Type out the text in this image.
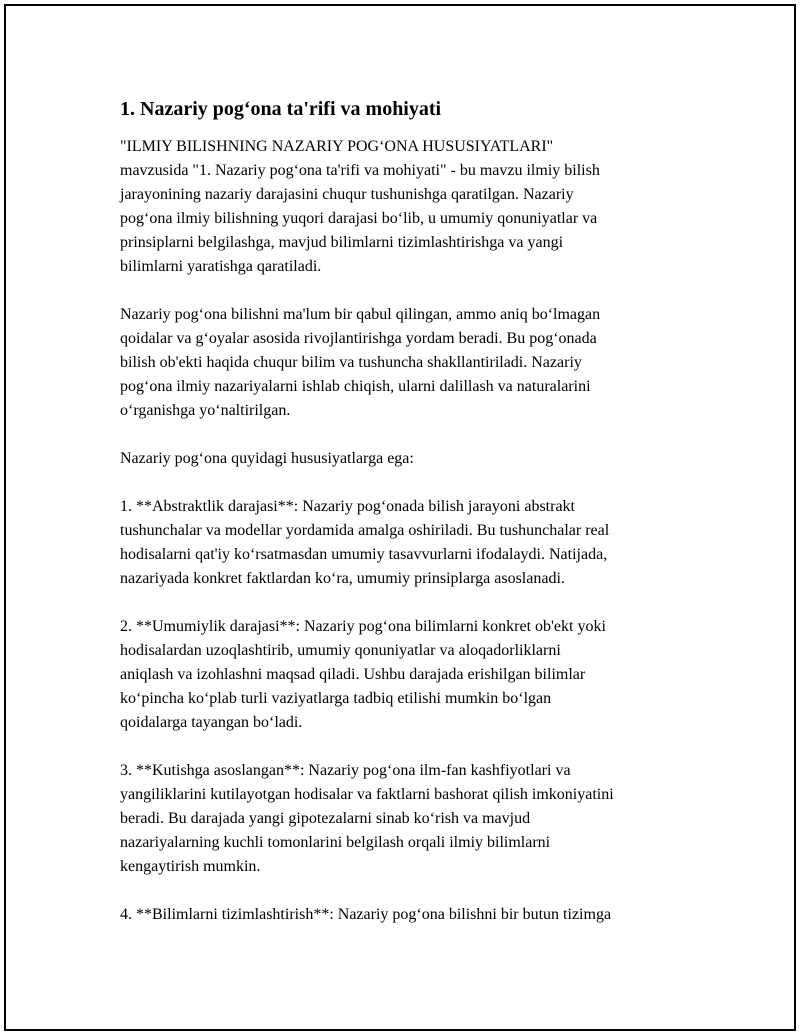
1. Nazariy pog‘ona ta'rifi va mohiyati

"ILMIY BILISHNING NAZARIY POG‘ONA HUSUSIYATLARI"
mavzusida "1. Nazariy pog‘ona ta'rifi va mohiyati" - bu mavzu ilmiy bilish
jarayonining nazariy darajasini chuqur tushunishga qaratilgan. Nazariy
pog‘ona ilmiy bilishning yuqori darajasi bo‘lib, u umumiy qonuniyatlar va
prinsiplarni belgilashga, mavjud bilimlarni tizimlashtirishga va yangi
bilimlarni yaratishga qaratiladi.

Nazariy pog‘ona bilishni ma'lum bir qabul qilingan, ammo aniq bo‘lmagan
qoidalar va g‘oyalar asosida rivojlantirishga yordam beradi. Bu pog‘onada
bilish ob'ekti haqida chuqur bilim va tushuncha shakllantiriladi. Nazariy
pog‘ona ilmiy nazariyalarni ishlab chiqish, ularni dalillash va naturalarini
o‘rganishga yo‘naltirilgan.

Nazariy pog‘ona quyidagi hususiyatlarga ega:

1. **Abstraktlik darajasi**: Nazariy pog‘onada bilish jarayoni abstrakt
tushunchalar va modellar yordamida amalga oshiriladi. Bu tushunchalar real
hodisalarni qat'iy ko‘rsatmasdan umumiy tasavvurlarni ifodalaydi. Natijada,
nazariyada konkret faktlardan ko‘ra, umumiy prinsiplarga asoslanadi.

2. **Umumiylik darajasi**: Nazariy pog‘ona bilimlarni konkret ob'ekt yoki
hodisalardan uzoqlashtirib, umumiy qonuniyatlar va aloqadorliklarni
aniqlash va izohlashni maqsad qiladi. Ushbu darajada erishilgan bilimlar
ko‘pincha ko‘plab turli vaziyatlarga tadbiq etilishi mumkin bo‘lgan
qoidalarga tayangan bo‘ladi.

3. **Kutishga asoslangan**: Nazariy pog‘ona ilm-fan kashfiyotlari va
yangiliklarini kutilayotgan hodisalar va faktlarni bashorat qilish imkoniyatini
beradi. Bu darajada yangi gipotezalarni sinab ko‘rish va mavjud
nazariyalarning kuchli tomonlarini belgilash orqali ilmiy bilimlarni
kengaytirish mumkin.

4. **Bilimlarni tizimlashtirish**: Nazariy pog‘ona bilishni bir butun tizimga
